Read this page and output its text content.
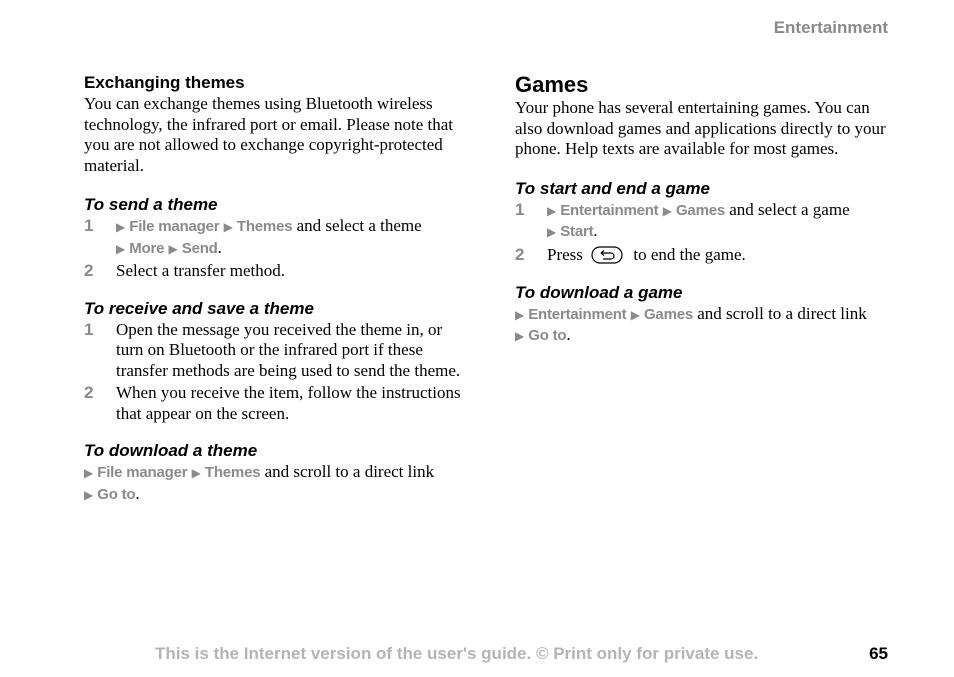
Entertainment
Exchanging themes

You can exchange themes using Bluetooth wireless technology, the infrared port or email. Please note that you are not allowed to exchange copyright-protected material.

To send a theme
1	▶ File manager ▶ Themes and select a theme
▶ More ▶ Send.
2	Select a transfer method.
To receive and save a theme
1	Open the message you received the theme in, or turn on Bluetooth or the infrared port if these transfer methods are being used to send the theme.
2	When you receive the item, follow the instructions that appear on the screen.
To download a theme

▶ File manager ▶ Themes and scroll to a direct link
▶ Go to.

Games

Your phone has several entertaining games. You can also download games and applications directly to your phone. Help texts are available for most games.

To start and end a game
1	▶ Entertainment ▶ Games and select a game
▶ Start.
2	Press	to end the game.
To download a game

▶ Entertainment ▶ Games and scroll to a direct link
▶ Go to.

This is the Internet version of the user's guide. © Print only for private use.	65
